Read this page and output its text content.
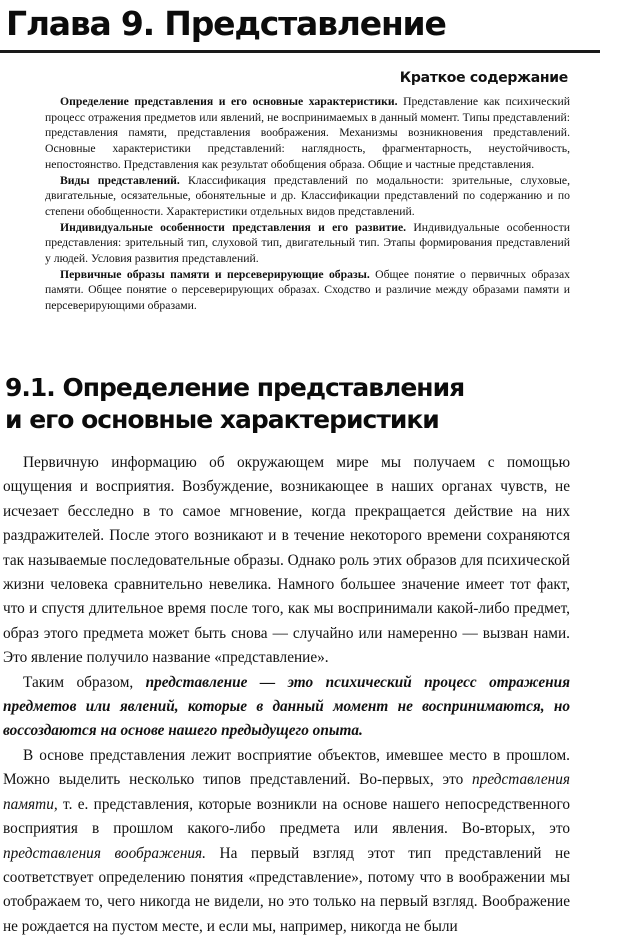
Глава 9. Представление
Краткое содержание

Определение представления и его основные характеристики. Представление как психический процесс отражения предметов или явлений, не воспринимаемых в данный момент. Типы представлений: представления памяти, представления воображения. Механизмы возникновения представлений. Основные характеристики представлений: наглядность, фрагментарность, неустойчивость, непостоянство. Представления как результат обобщения образа. Общие и частные представления.

Виды представлений. Классификация представлений по модальности: зрительные, слуховые, двигательные, осязательные, обонятельные и др. Классификации представлений по содержанию и по степени обобщенности. Характеристики отдельных видов представлений.

Индивидуальные особенности представления и его развитие. Индивидуальные особенности представления: зрительный тип, слуховой тип, двигательный тип. Этапы формирования представлений у людей. Условия развития представлений.

Первичные образы памяти и персеверирующие образы. Общее понятие о первичных образах памяти. Общее понятие о персеверирующих образах. Сходство и различие между образами памяти и персеверирующими образами.

9.1. Определение представления
и его основные характеристики

Первичную информацию об окружающем мире мы получаем с помощью ощущения и восприятия. Возбуждение, возникающее в наших органах чувств, не исчезает бесследно в то самое мгновение, когда прекращается действие на них раздражителей. После этого возникают и в течение некоторого времени сохраняются так называемые последовательные образы. Однако роль этих образов для психической жизни человека сравнительно невелика. Намного большее значение имеет тот факт, что и спустя длительное время после того, как мы воспринимали какой-либо предмет, образ этого предмета может быть снова — случайно или намеренно — вызван нами. Это явление получило название «представление».

Таким образом, представление — это психический процесс отражения предметов или явлений, которые в данный момент не воспринимаются, но воссоздаются на основе нашего предыдущего опыта.

В основе представления лежит восприятие объектов, имевшее место в прошлом. Можно выделить несколько типов представлений. Во-первых, это представления памяти, т. е. представления, которые возникли на основе нашего непосредственного восприятия в прошлом какого-либо предмета или явления. Во-вторых, это представления воображения. На первый взгляд этот тип представлений не соответствует определению понятия «представление», потому что в воображении мы отображаем то, чего никогда не видели, но это только на первый взгляд. Воображение не рождается на пустом месте, и если мы, например, никогда не были
